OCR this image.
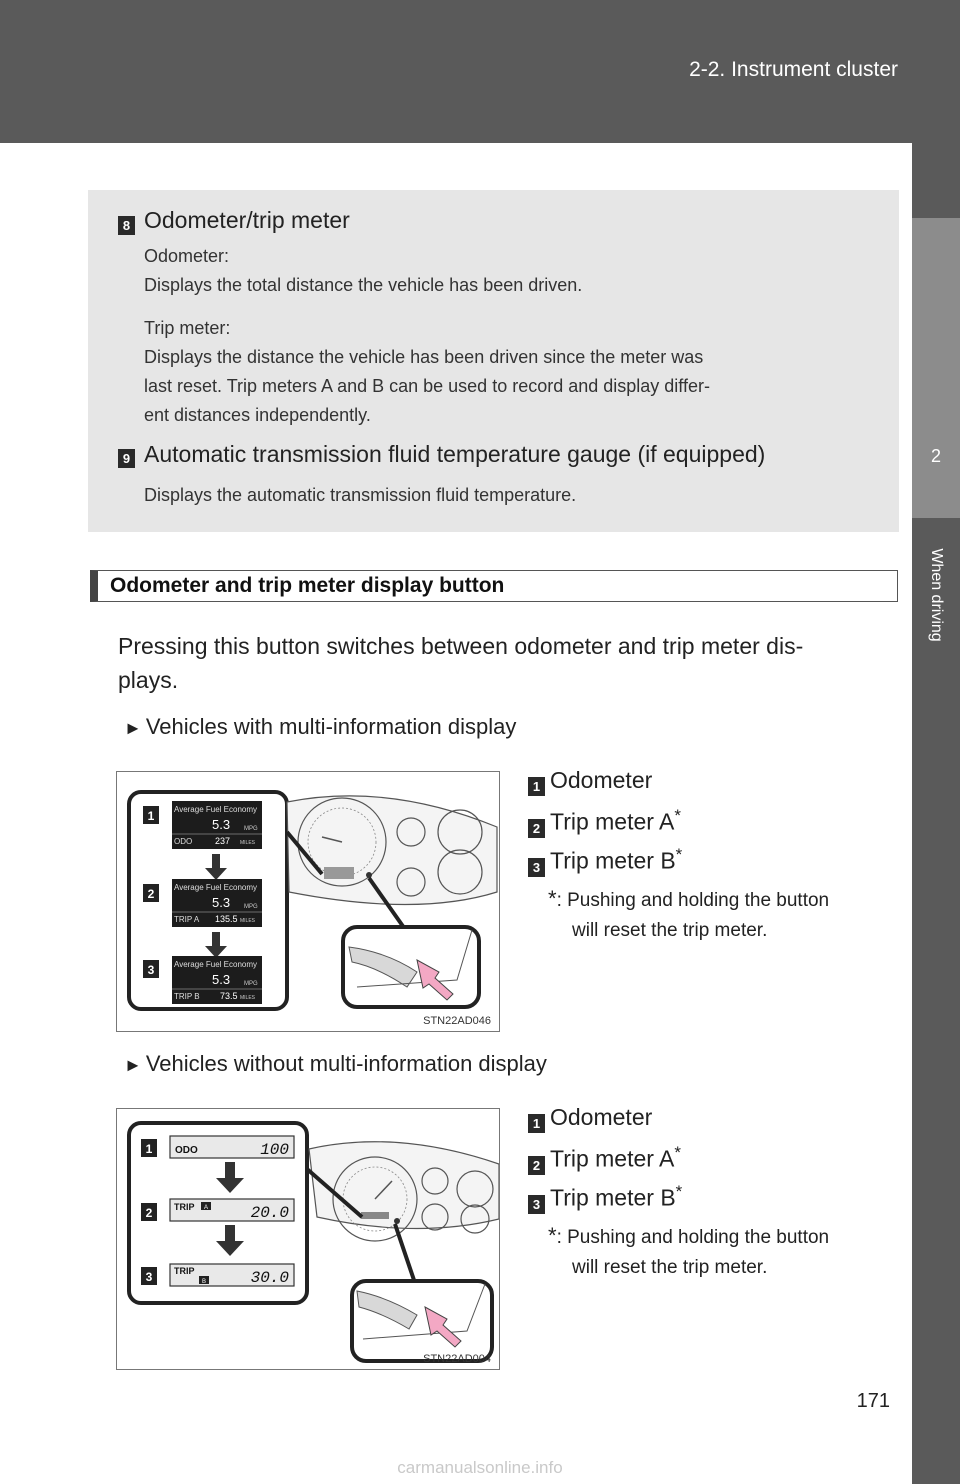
2-2. Instrument cluster
2
When driving
8 Odometer/trip meter
Odometer:
Displays the total distance the vehicle has been driven.
Trip meter:
Displays the distance the vehicle has been driven since the meter was
last reset. Trip meters A and B can be used to record and display differ-
ent distances independently.
9 Automatic transmission fluid temperature gauge (if equipped)
Displays the automatic transmission fluid temperature.
Odometer and trip meter display button
Pressing this button switches between odometer and trip meter dis-
plays.
► Vehicles with multi-information display
1 Average Fuel Economy
5.3 MPG
ODO	237 MILES
2 Average Fuel Economy
5.3 MPG
TRIP A 135.5 MILES
3 Average Fuel Economy
5.3 MPG
TRIP B 73.5 MILES
STN22AD046
1 Odometer
2 Trip meter A*
3 Trip meter B*
*: Pushing and holding the button
will reset the trip meter.
► Vehicles without multi-information display
1 ODO	100
2 TRIP A	20.0
3 TRIP
B	30.0
STN22AD004
1 Odometer
2 Trip meter A*
3 Trip meter B*
*: Pushing and holding the button
will reset the trip meter.
171
carmanualsonline.info
